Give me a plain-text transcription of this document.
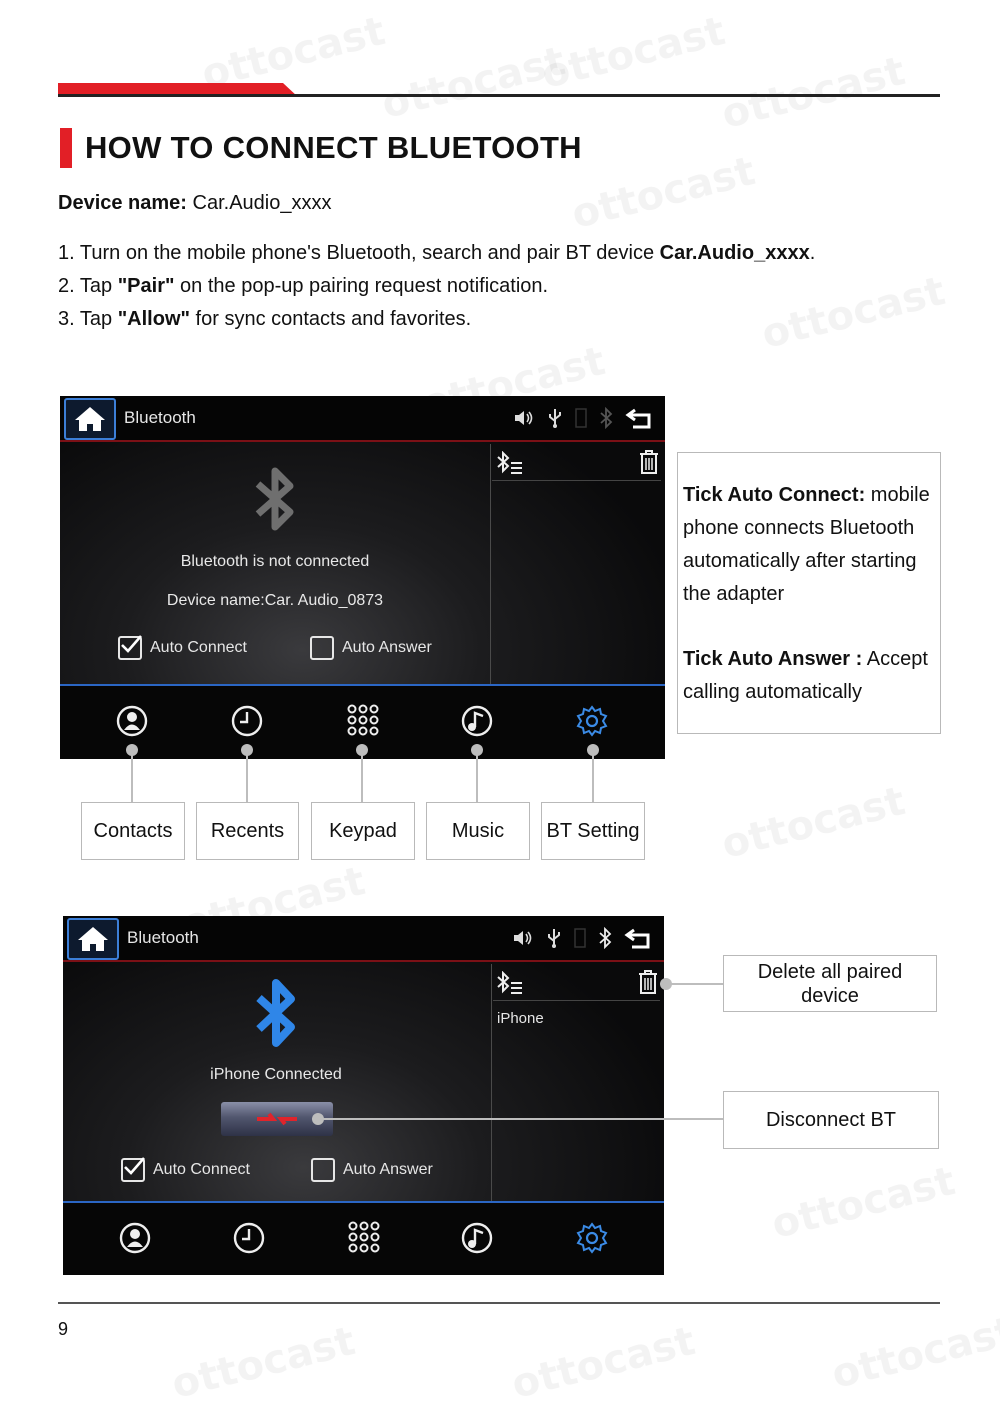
HOW TO CONNECT BLUETOOTH
Device name: Car.Audio_xxxx
1. Turn on the mobile phone's Bluetooth, search and pair BT device Car.Audio_xxxx.
2. Tap "Pair" on the pop-up pairing request notification.
3. Tap "Allow" for sync contacts and favorites.
Bluetooth
Bluetooth is not connected
Device name:Car. Audio_0873
Auto Connect	Auto Answer
Contacts	Recents	Keypad	Music	BT Setting
Tick Auto Connect: mobile phone connects Bluetooth automatically after starting the adapter
Tick Auto Answer : Accept calling automatically
Bluetooth
iPhone
iPhone Connected
Auto Connect	Auto Answer
Delete all paired device
Disconnect BT
9
